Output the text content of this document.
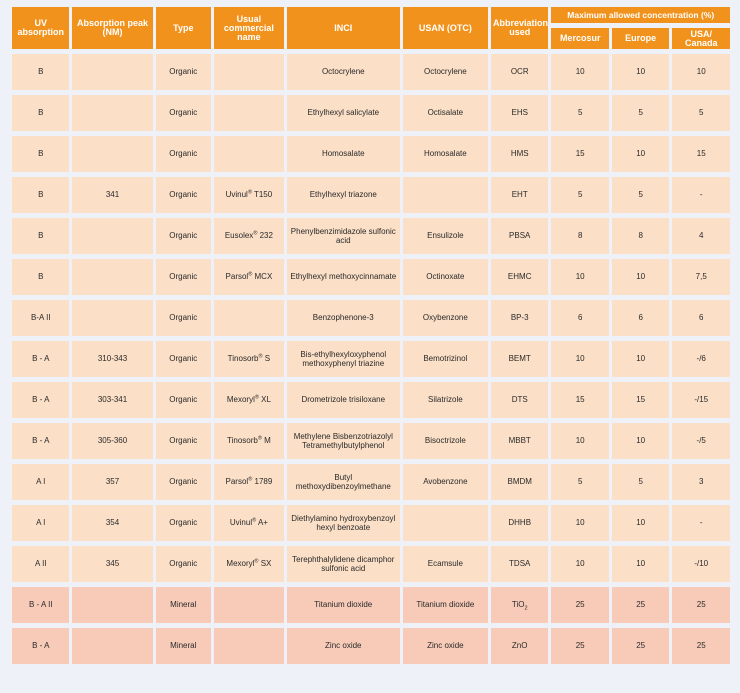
UV absorption	Absorption peak (NM)	Type	Usual commercial name	INCI	USAN (OTC)	Abbreviation used	Maximum allowed concentration (%)		
							Mercosur	Europe	USA/ Canada
B		Organic		Octocrylene	Octocrylene	OCR	10	10	10
B		Organic		Ethylhexyl salicylate	Octisalate	EHS	5	5	5
B		Organic		Homosalate	Homosalate	HMS	15	10	15
B	341	Organic	Uvinul® T150	Ethylhexyl triazone		EHT	5	5	-
B		Organic	Eusolex® 232	Phenylbenzimidazole sulfonic acid	Ensulizole	PBSA	8	8	4
B		Organic	Parsol® MCX	Ethylhexyl methoxycinnamate	Octinoxate	EHMC	10	10	7,5
B-A II		Organic		Benzophenone-3	Oxybenzone	BP-3	6	6	6
B - A	310-343	Organic	Tinosorb® S	Bis-ethylhexyloxyphenol methoxyphenyl triazine	Bemotrizinol	BEMT	10	10	-/6
B - A	303-341	Organic	Mexoryl® XL	Drometrizole trisiloxane	Silatrizole	DTS	15	15	-/15
B - A	305-360	Organic	Tinosorb® M	Methylene Bisbenzotriazolyl Tetramethylbutylphenol	Bisoctrizole	MBBT	10	10	-/5
A I	357	Organic	Parsol® 1789	Butyl methoxydibenzoylmethane	Avobenzone	BMDM	5	5	3
A I	354	Organic	Uvinul® A+	Diethylamino hydroxybenzoyl hexyl benzoate		DHHB	10	10	-
A II	345	Organic	Mexoryl® SX	Terephthalylidene dicamphor sulfonic acid	Ecamsule	TDSA	10	10	-/10
B - A II		Mineral		Titanium dioxide	Titanium dioxide	TiO$_2$	25	25	25
B - A		Mineral		Zinc oxide	Zinc oxide	ZnO	25	25	25
